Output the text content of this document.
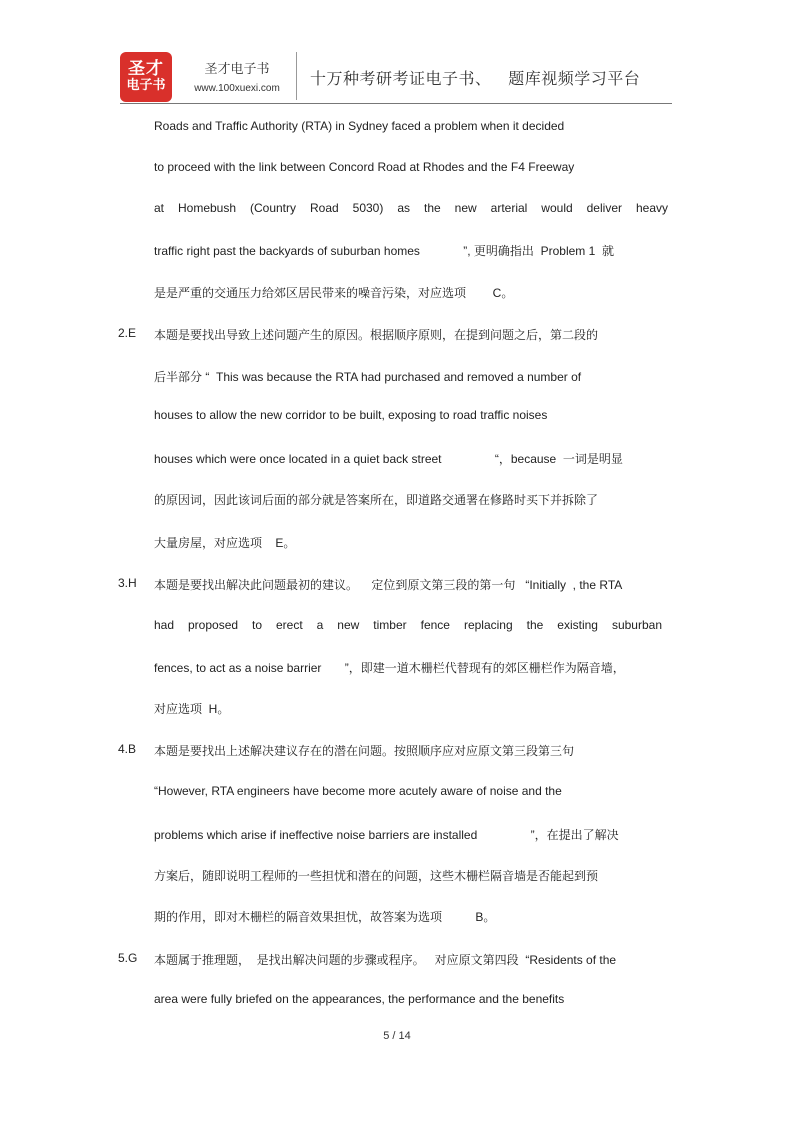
圣才
电子书
圣才电子书
www.100xuexi.com
十万种考研考证电子书、   题库视频学习平台
Roads and Traffic Authority (RTA) in Sydney faced a problem when it decided
to proceed with the link between Concord Road at Rhodes and the F4 Freeway
at Homebush (Country Road 5030) as the new arterial would deliver heavy
traffic right past the backyards of suburban homes             ”, 更明确指出  Problem 1  就
是是严重的交通压力给郊区居民带来的噪音污染，对应选项        C。
2.E 本题是要找出导致上述问题产生的原因。根据顺序原则，在提到问题之后，第二段的
后半部分 “  This was because the RTA had purchased and removed a number of
houses to allow the new corridor to be built, exposing to road traffic noises
houses which were once located in a quiet back street                “，because  一词是明显
的原因词，因此该词后面的部分就是答案所在，即道路交通署在修路时买下并拆除了
大量房屋，对应选项    E。
3.H 本题是要找出解决此问题最初的建议。    定位到原文第三段的第一句   “Initially  , the RTA
had proposed to erect a new timber fence replacing the existing suburban
fences, to act as a noise barrier       ”，即建一道木栅栏代替现有的郊区栅栏作为隔音墙，
对应选项  H。
4.B 本题是要找出上述解决建议存在的潜在问题。按照顺序应对应原文第三段第三句
“However, RTA engineers have become more acutely aware of noise and the
problems which arise if ineffective noise barriers are installed                ”，在提出了解决
方案后，随即说明工程师的一些担忧和潜在的问题，这些木栅栏隔音墙是否能起到预
期的作用，即对木栅栏的隔音效果担忧，故答案为选项          B。
5.G 本题属于推理题，  是找出解决问题的步骤或程序。   对应原文第四段  “Residents of the
area were fully briefed on the appearances, the performance and the benefits
5 / 14
